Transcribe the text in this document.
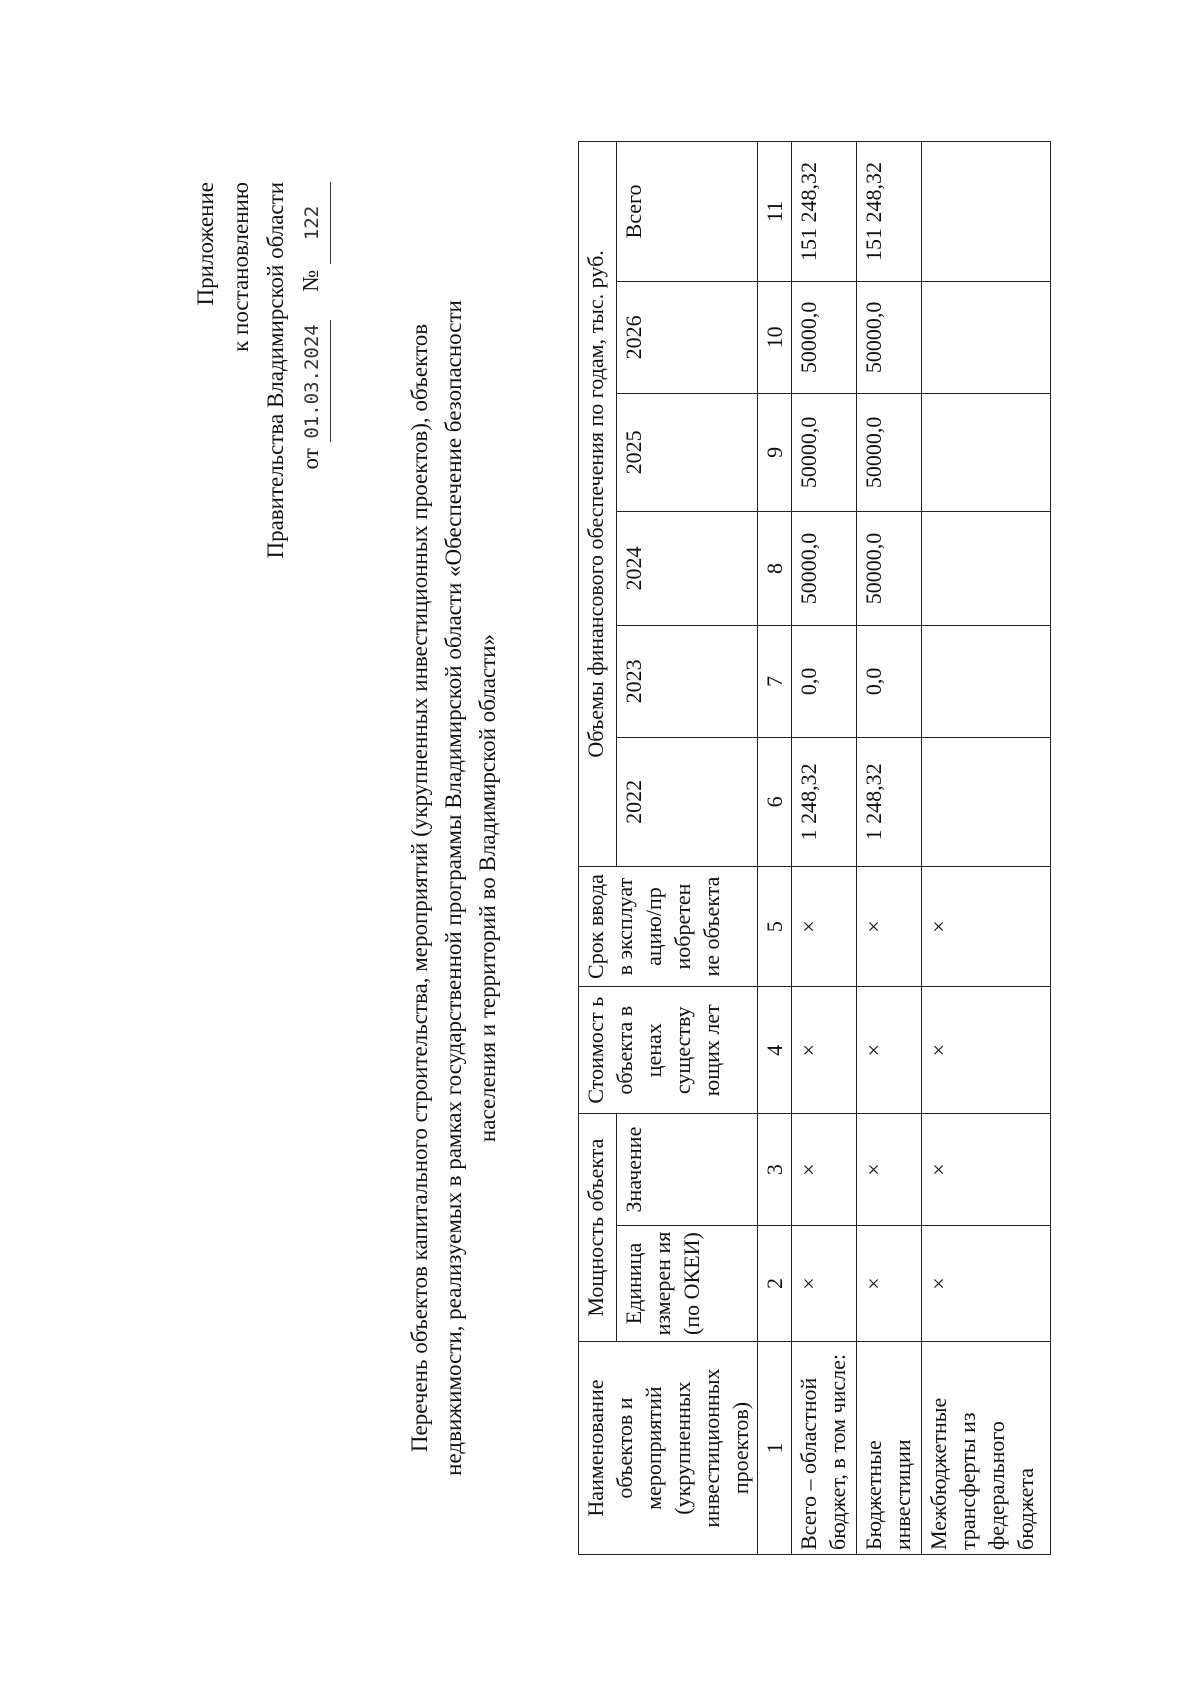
Приложение к постановлению Правительства Владимирской области от 01.03.2024     № 122
Перечень объектов капитального строительства, мероприятий (укрупненных инвестиционных проектов), объектов недвижимости, реализуемых в рамках государственной программы Владимирской области «Обеспечение безопасности населения и территорий во Владимирской области»
Наименование объектов и мероприятий (укрупненных инвестиционных проектов)	Мощность объекта		Стоимост ь объекта в ценах существу ющих лет	Срок ввода в эксплуат ацию/пр иобретен ие объекта	Объемы финансового обеспечения по годам, тыс. руб.					
	Единица измерен ия (по ОКЕИ)	Значение			2022	2023	2024	2025	2026	Всего
1	2	3	4	5	6	7	8	9	10	11
Всего – областной бюджет, в том числе:	×	×	×	×	1 248,32	0,0	50000,0	50000,0	50000,0	151 248,32
Бюджетные инвестиции	×	×	×	×	1 248,32	0,0	50000,0	50000,0	50000,0	151 248,32
Межбюджетные трансферты из федерального бюджета	×	×	×	×						
